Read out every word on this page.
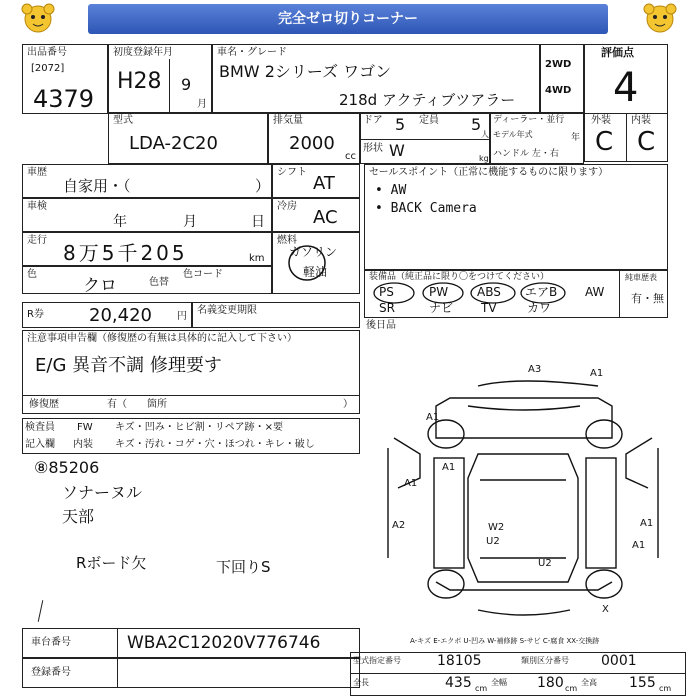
完全ゼロ切りコーナー
出品番号
[2072]
4379
初度登録年月
H28 9
月
車名・グレード
BMW 2シリーズ ワゴン
218d アクティブツアラー
2WD
4WD
評価点
4
外装 内装
C C
型式
LDA-2C20
排気量
2000
cc
ドア 5 定員 5
人
形状 W	kg
ディーラー・並行
モデル年式	年
ハンドル 左・右
車歴
自家用・（	）
シフト
AT
車検
年	月	日
冷房
AC
走行
8万5千205	km
燃料
ガソリン
軽油
色
クロ	色替
色コード
R券	20,420	円
名義変更期限
セールスポイント（正常に機能するものに限ります）
• AW
• BACK Camera
装備品（純正品に限り〇をつけてください）	純車歴表
PS	PW ABS エアB AW
SR	ナビ TV	カワ
有・無
後日品
注意事項申告欄（修復歴の有無は具体的に記入して下さい）
E/G 異音不調 修理要す
修復歴	有（ 箇所	）
検査員
記入欄
FW
内装
キズ・凹み・ヒビ割・リペア跡・×要
キズ・汚れ・コゲ・穴・ほつれ・キレ・破し
⑧85206
ソナーヌル
天部
Rボード欠	下回りS
A3	A1
A1
A1
A1
U2
W2
A2	A1
U2
A1
X
A-キズ E-エクボ U-凹み W-補修跡 S-サビ C-腐食 XX-交換跡
車台番号	WBA2C12020V776746
登録番号
型式指定番号	18105	類別区分番号 0001
全長	435 cm
全幅 180 cm
全高 155 cm
